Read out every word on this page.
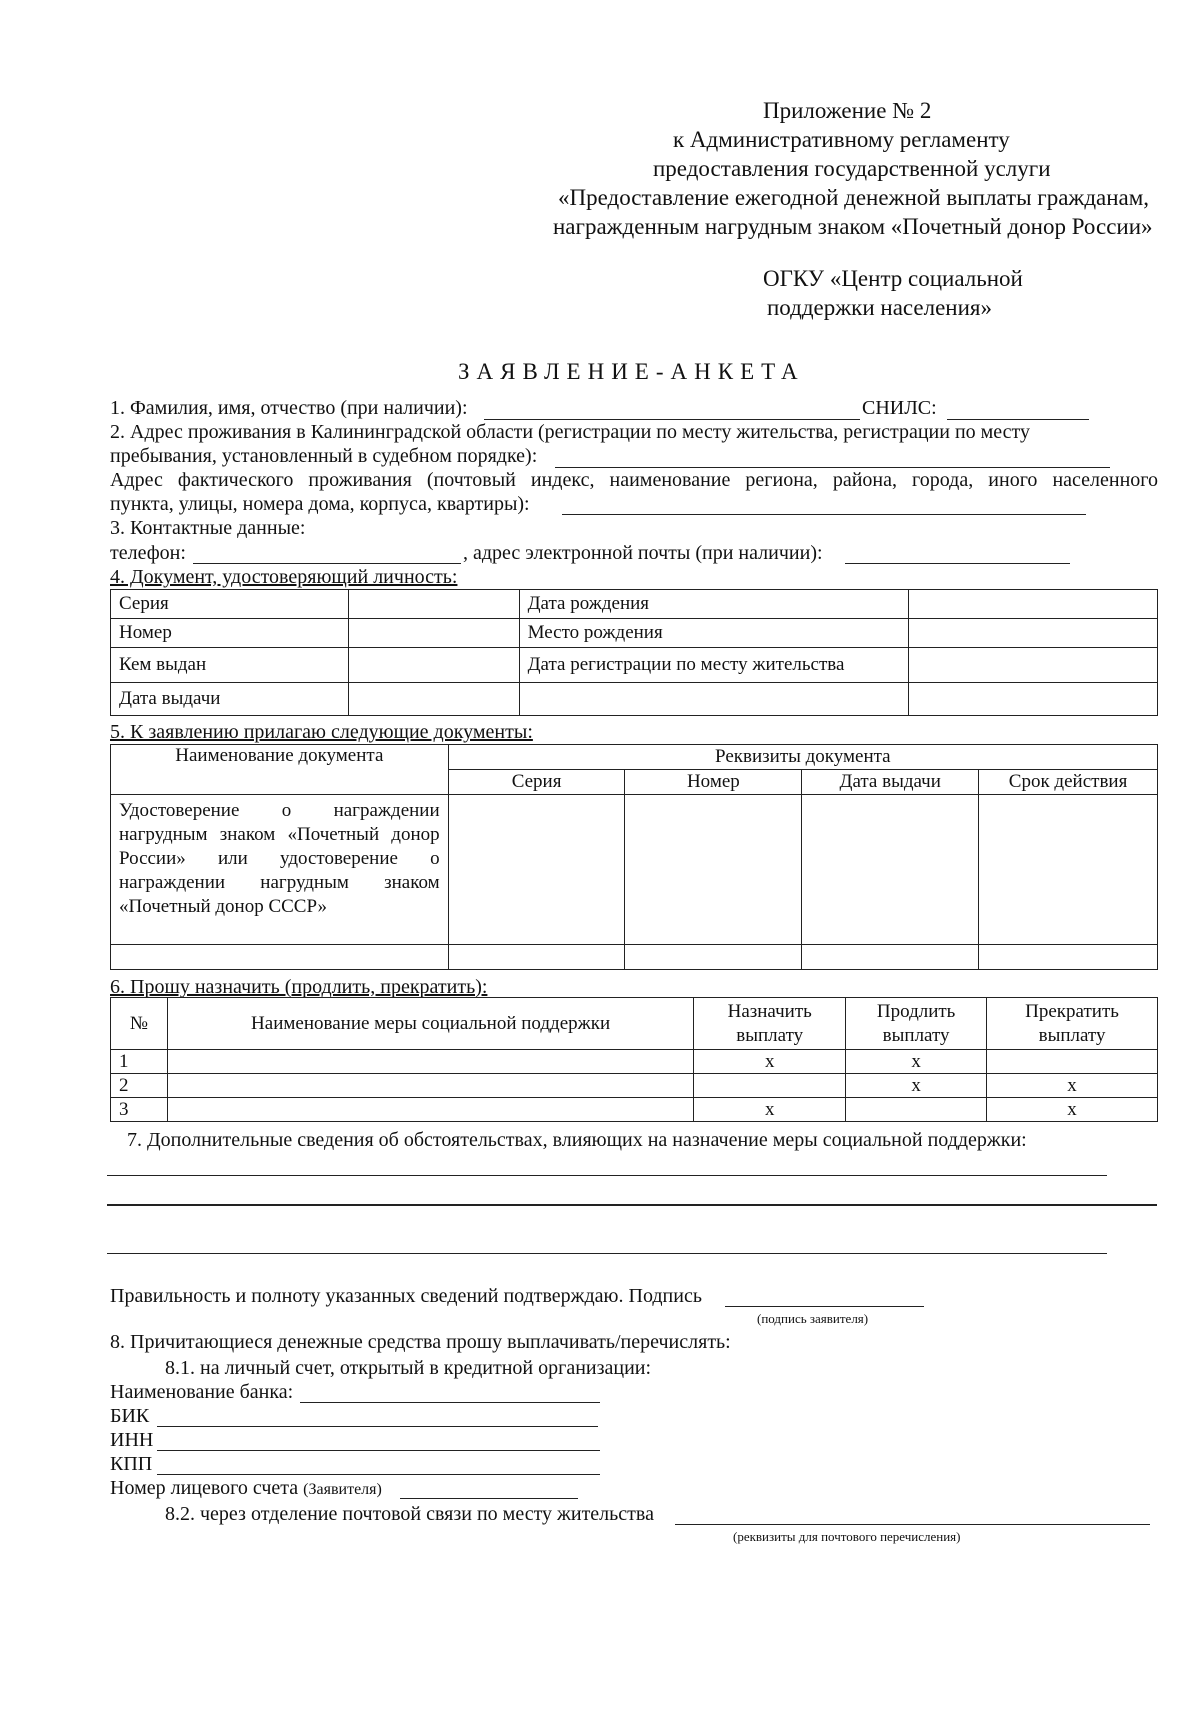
Приложение № 2
к Административному регламенту
предоставления государственной услуги
«Предоставление ежегодной денежной выплаты гражданам,
награжденным нагрудным знаком «Почетный донор России»
ОГКУ «Центр социальной
поддержки населения»
ЗАЯВЛЕНИЕ-АНКЕТА
1. Фамилия, имя, отчество (при наличии):	СНИЛС:
2. Адрес проживания в Калининградской области (регистрации по месту жительства, регистрации по месту
пребывания, установленный в судебном порядке):
Адрес фактического проживания (почтовый индекс, наименование региона, района, города, иного населенного
пункта, улицы, номера дома, корпуса, квартиры):
3. Контактные данные:
телефон:	, адрес электронной почты (при наличии):
4. Документ, удостоверяющий личность:
Серия		Дата рождения	
Номер		Место рождения	
Кем выдан		Дата регистрации по месту жительства	
Дата выдачи			
5. К заявлению прилагаю следующие документы:
Наименование документа	Реквизиты документа			
	Серия	Номер	Дата выдачи	Срок действия
Удостоверение о награждении нагрудным знаком «Почетный донор России» или удостоверение о награждении нагрудным знаком «Почетный донор СССР»				

6. Прошу назначить (продлить, прекратить):
№	Наименование меры социальной поддержки	Назначить выплату	Продлить выплату	Прекратить выплату
1		x	x	
2			x	x
3		x		x
7. Дополнительные сведения об обстоятельствах, влияющих на назначение меры социальной поддержки:
Правильность и полноту указанных сведений подтверждаю. Подпись
(подпись заявителя)
8. Причитающиеся денежные средства прошу выплачивать/перечислять:
8.1. на личный счет, открытый в кредитной организации:
Наименование банка:
БИК
ИНН
КПП
Номер лицевого счета (Заявителя)
8.2. через отделение почтовой связи по месту жительства
(реквизиты для почтового перечисления)
